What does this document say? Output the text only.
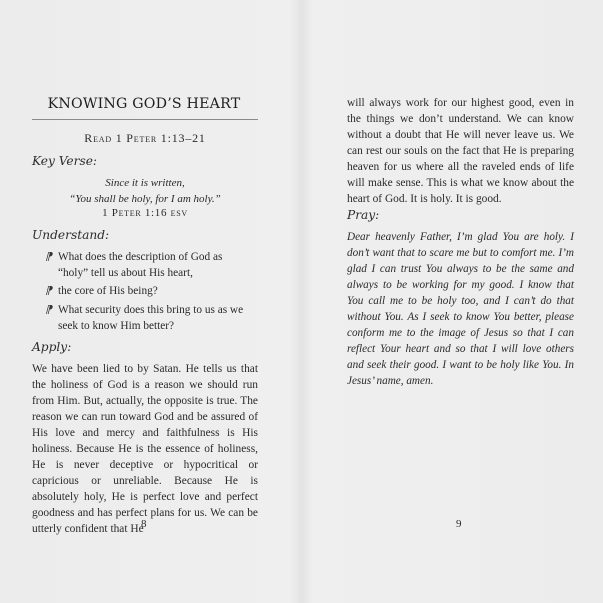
KNOWING GOD’S HEART
Read 1 Peter 1:13–21
Key Verse:
Since it is written,
“You shall be holy, for I am holy.”
1 Peter 1:16 esv
Understand:
⁋ What does the description of God as
“holy” tell us about His heart,
⁋ the core of His being?
⁋ What security does this bring to us as we
seek to know Him better?
Apply:
We have been lied to by Satan. He tells us that the holiness of God is a reason we should run from Him. But, actually, the opposite is true. The reason we can run toward God and be assured of His love and mercy and faithfulness is His holiness. Because He is the essence of holiness, He is never deceptive or hypocritical or capricious or unreliable. Because He is absolutely holy, He is perfect love and perfect goodness and has perfect plans for us. We can be utterly confident that He
8
will always work for our highest good, even in the things we don’t understand. We can know without a doubt that He will never leave us. We can rest our souls on the fact that He is preparing heaven for us where all the raveled ends of life will make sense. This is what we know about the heart of God. It is holy. It is good.
Pray:
Dear heavenly Father, I’m glad You are holy. I don’t want that to scare me but to comfort me. I’m glad I can trust You always to be the same and always to be working for my good. I know that You call me to be holy too, and I can’t do that without You. As I seek to know You better, please conform me to the image of Jesus so that I can reflect Your heart and so that I will love others and seek their good. I want to be holy like You. In Jesus’ name, amen.
9
